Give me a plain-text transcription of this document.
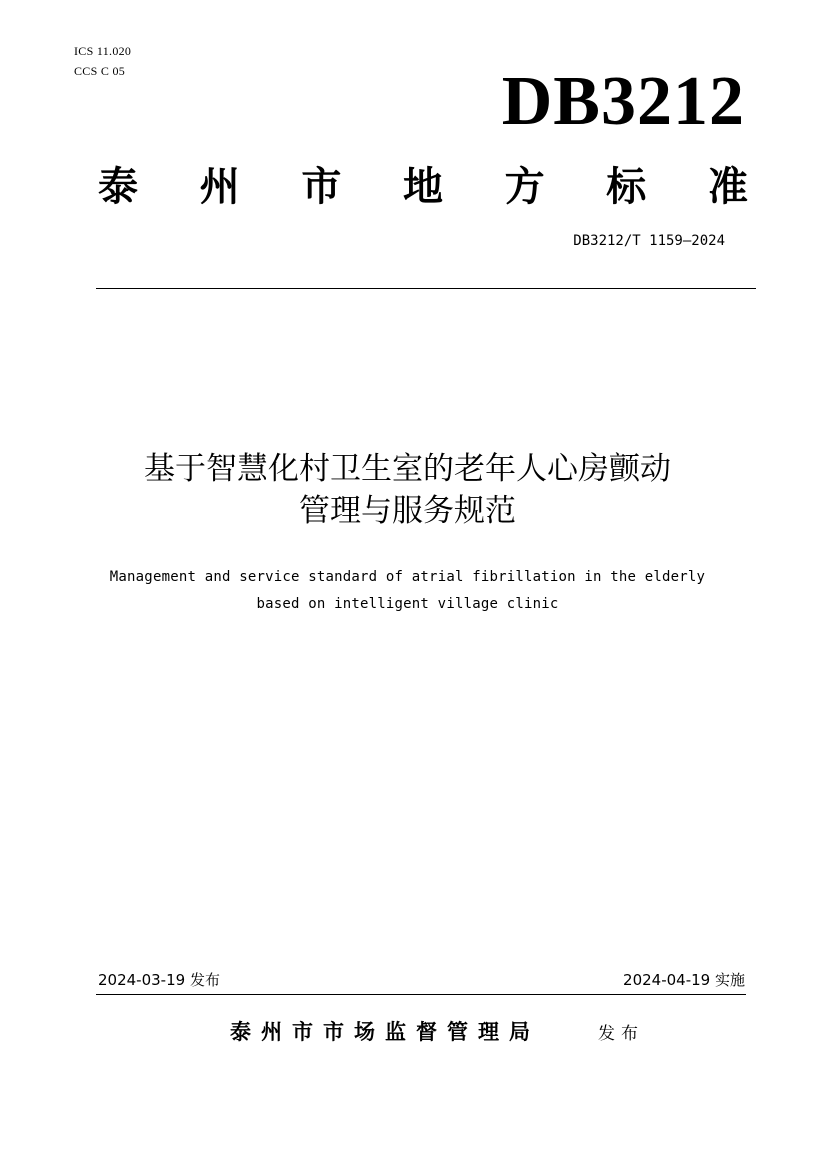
ICS 11.020
CCS C 05	DB3212
泰 州 市 地 方 标 准
DB3212/T 1159—2024
基于智慧化村卫生室的老年人心房颤动
管理与服务规范
Management and service standard of atrial fibrillation in the elderly
based on intelligent village clinic
2024-03-19 发布	2024-04-19 实施
泰州市市场监督管理局	发布
